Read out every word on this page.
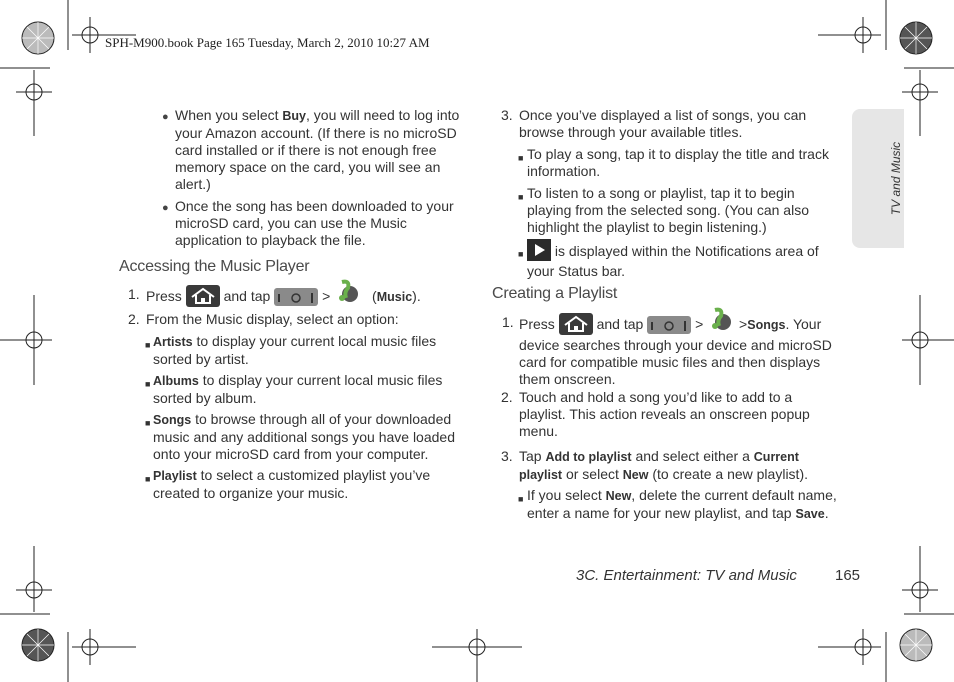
SPH-M900.book Page 165 Tuesday, March 2, 2010 10:27 AM
TV and Music
● When you select Buy, you will need to log into
your Amazon account. (If there is no microSD
card installed or if there is not enough free
memory space on the card, you will see an
alert.)
● Once the song has been downloaded to your
microSD card, you can use the Music
application to playback the file.
Accessing the Music Player
1. Press	and tap	>	(Music).
2. From the Music display, select an option:
■ Artists to display your current local music files
sorted by artist.
■ Albums to display your current local music files
sorted by album.
■ Songs to browse through all of your downloaded
music and any additional songs you have loaded
onto your microSD card from your computer.
■ Playlist to select a customized playlist you’ve
created to organize your music.
3. Once you’ve displayed a list of songs, you can
browse through your available titles.
■ To play a song, tap it to display the title and track
information.
■ To listen to a song or playlist, tap it to begin
playing from the selected song. (You can also
highlight the playlist to begin listening.)
■	is displayed within the Notifications area of
your Status bar.
Creating a Playlist
1. Press	and tap	>	>Songs. Your
device searches through your device and microSD
card for compatible music files and then displays
them onscreen.
2. Touch and hold a song you’d like to add to a
playlist. This action reveals an onscreen popup
menu.
3. Tap Add to playlist and select either a Current
playlist or select New (to create a new playlist).
■ If you select New, delete the current default name,
enter a name for your new playlist, and tap Save.
3C. Entertainment: TV and Music	165
